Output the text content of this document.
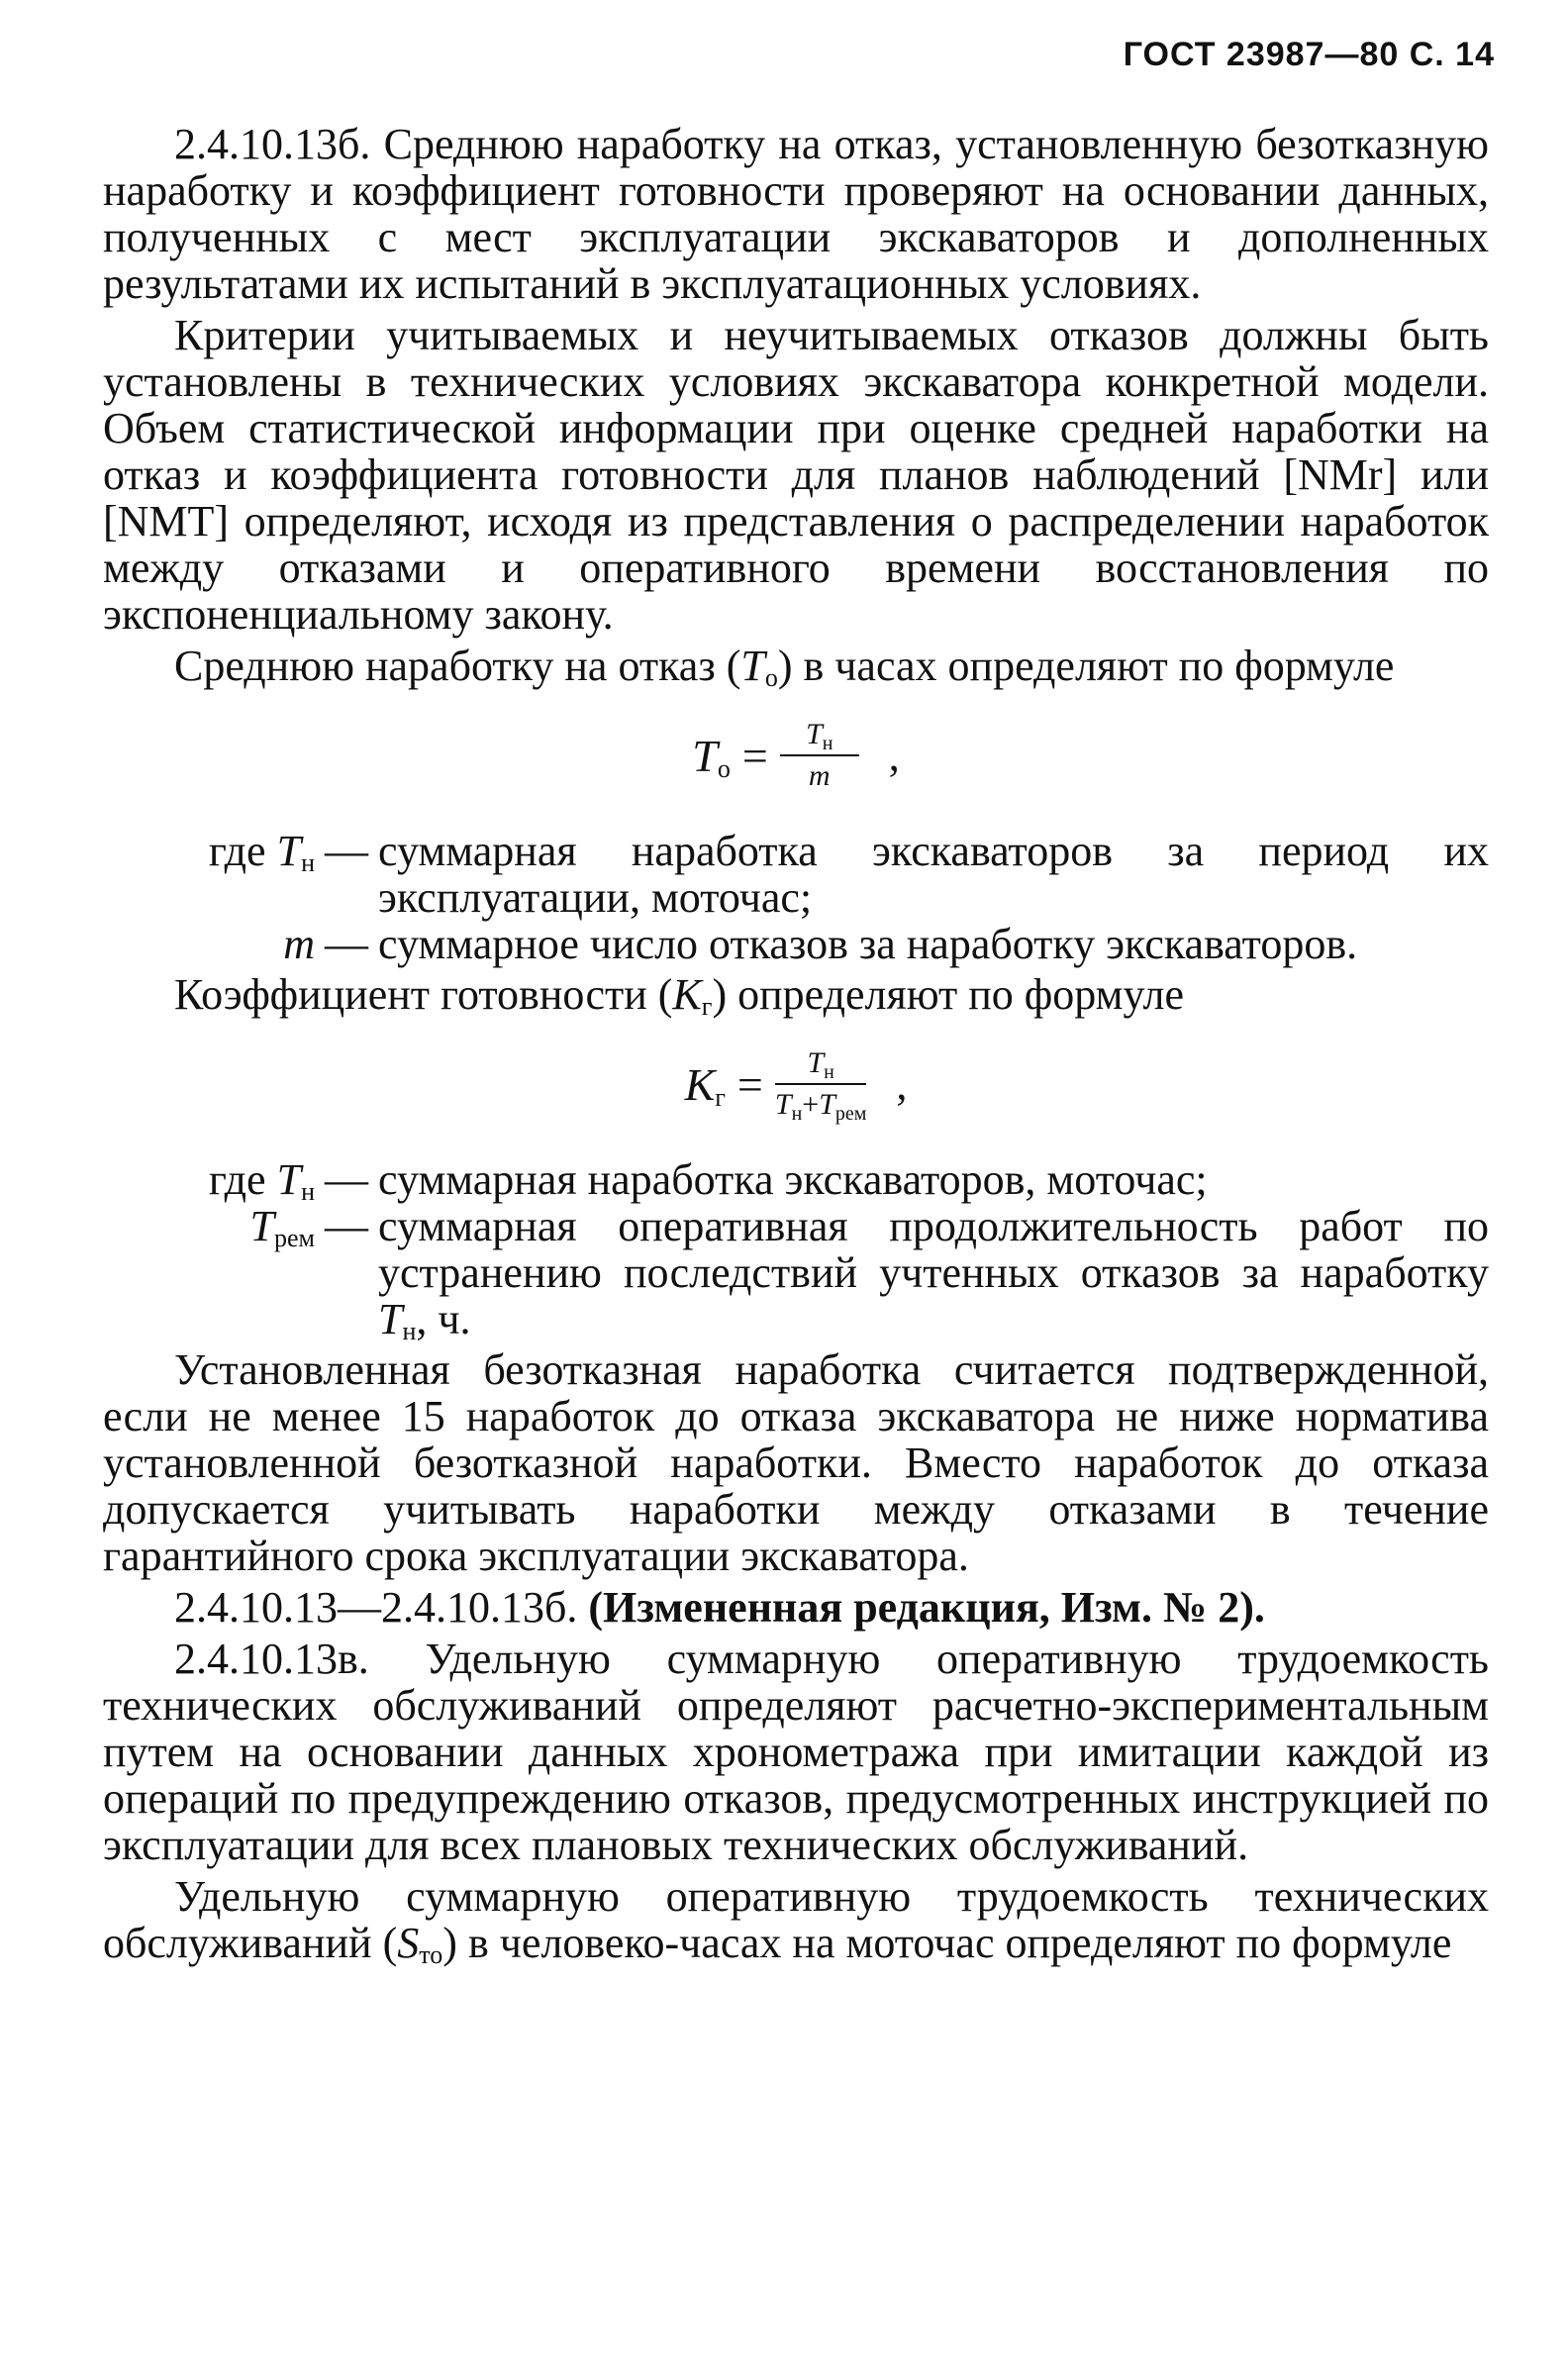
ГОСТ 23987—80 С. 14

2.4.10.13б. Среднюю наработку на отказ, установленную безотказную наработку и коэффициент готовности проверяют на основании данных, полученных с мест эксплуатации экскаваторов и дополненных результатами их испытаний в эксплуатационных условиях.

Критерии учитываемых и неучитываемых отказов должны быть установлены в технических условиях экскаватора конкретной модели. Объем статистической информации при оценке средней наработки на отказ и коэффициента готовности для планов наблюдений [NMr] или [NMT] определяют, исходя из представления о распределении наработок между отказами и оперативного времени восстановления по экспоненциальному закону.

Среднюю наработку на отказ $(T_о)$ в часах определяют по формуле

$T_о = \frac{T_н}{m}$ ,
где $T_н$ — суммарная наработка экскаваторов за период их эксплуатации, моточас;
m — суммарное число отказов за наработку экскаваторов.

Коэффициент готовности $(K_г)$ определяют по формуле

$K_г = \frac{T_н}{T_н+T_{рем}}$ ,
где $T_н$ — суммарная наработка экскаваторов, моточас;
$T_{рем}$ — суммарная оперативная продолжительность работ по устранению последствий учтенных отказов за наработку $T_н$, ч.

Установленная безотказная наработка считается подтвержденной, если не менее 15 наработок до отказа экскаватора не ниже норматива установленной безотказной наработки. Вместо наработок до отказа допускается учитывать наработки между отказами в течение гарантийного срока эксплуатации экскаватора.

2.4.10.13—2.4.10.13б. (Измененная редакция, Изм. № 2).

2.4.10.13в. Удельную суммарную оперативную трудоемкость технических обслуживаний определяют расчетно-экспериментальным путем на основании данных хронометража при имитации каждой из операций по предупреждению отказов, предусмотренных инструкцией по эксплуатации для всех плановых технических обслуживаний.

Удельную суммарную оперативную трудоемкость технических обслуживаний $(S_{то})$ в человеко-часах на моточас определяют по формуле
